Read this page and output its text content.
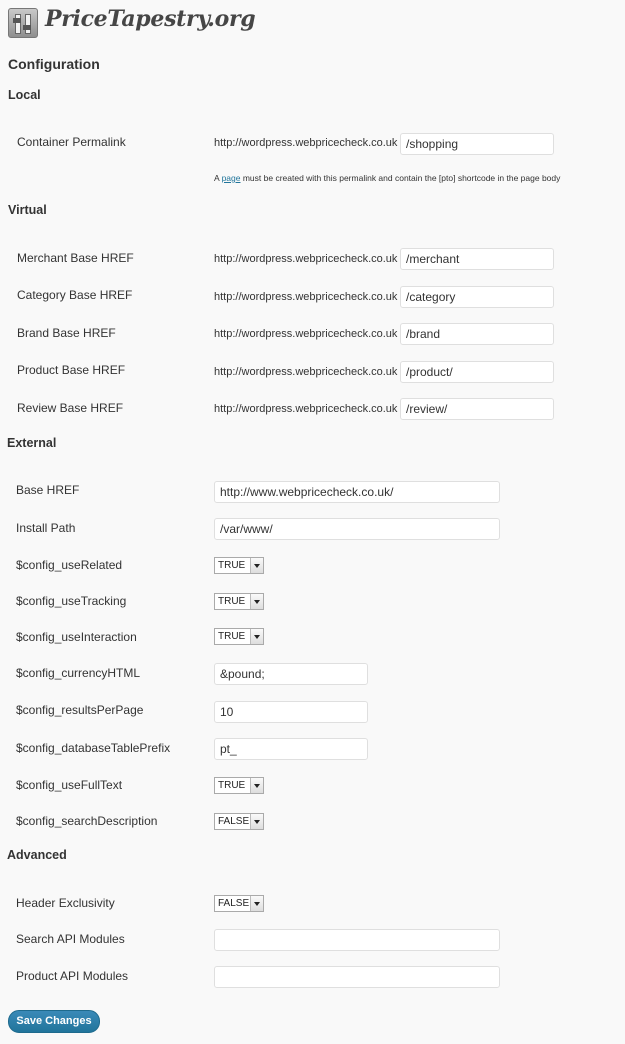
PriceTapestry.org
Configuration
Local
Container Permalink	http://wordpress.webpricecheck.co.uk /shopping
A page must be created with this permalink and contain the [pto] shortcode in the page body
Virtual
Merchant Base HREF	http://wordpress.webpricecheck.co.uk /merchant
Category Base HREF	http://wordpress.webpricecheck.co.uk /category
Brand Base HREF	http://wordpress.webpricecheck.co.uk /brand
Product Base HREF	http://wordpress.webpricecheck.co.uk /product/
Review Base HREF	http://wordpress.webpricecheck.co.uk /review/
External
Base HREF	http://www.webpricecheck.co.uk/
Install Path	/var/www/
$config_useRelated	TRUE
$config_useTracking	TRUE
$config_useInteraction	TRUE
$config_currencyHTML	&pound;
$config_resultsPerPage	10
$config_databaseTablePrefix	pt_
$config_useFullText	TRUE
$config_searchDescription	FALSE
Advanced
Header Exclusivity	FALSE
Search API Modules
Product API Modules
Save Changes
